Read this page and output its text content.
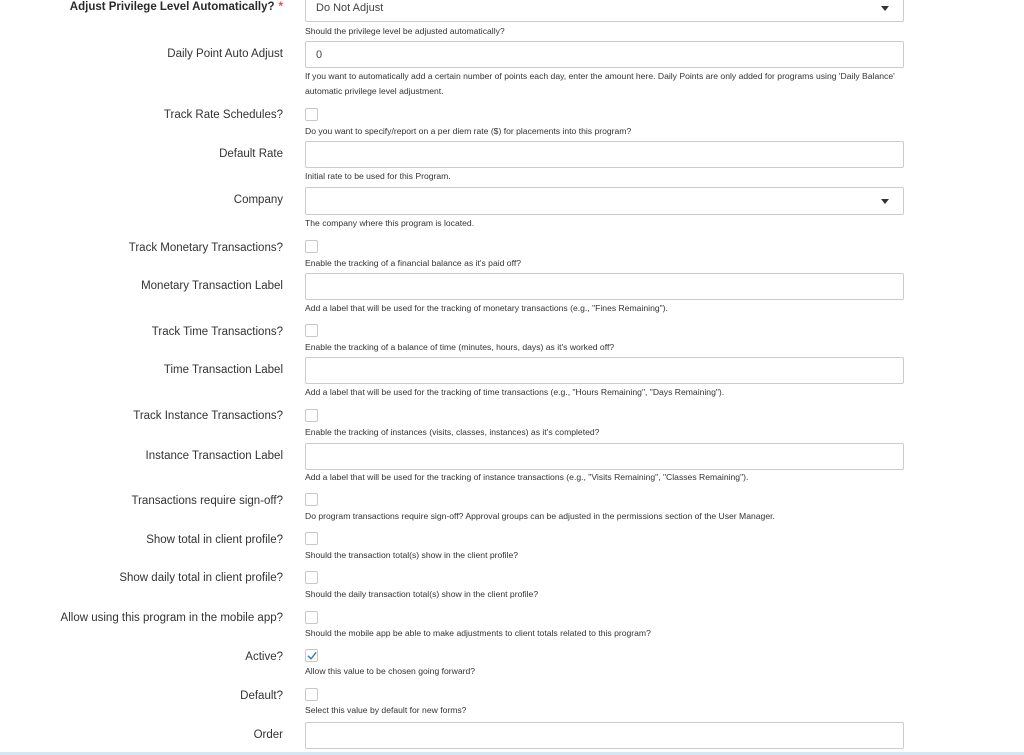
Adjust Privilege Level Automatically? *	Do Not Adjust
Should the privilege level be adjusted automatically?
Daily Point Auto Adjust	0
If you want to automatically add a certain number of points each day, enter the amount here. Daily Points are only added for programs using 'Daily Balance' automatic privilege level adjustment.
Track Rate Schedules?
Do you want to specify/report on a per diem rate ($) for placements into this program?
Default Rate
Initial rate to be used for this Program.
Company
The company where this program is located.
Track Monetary Transactions?
Enable the tracking of a financial balance as it's paid off?
Monetary Transaction Label
Add a label that will be used for the tracking of monetary transactions (e.g., "Fines Remaining").
Track Time Transactions?
Enable the tracking of a balance of time (minutes, hours, days) as it's worked off?
Time Transaction Label
Add a label that will be used for the tracking of time transactions (e.g., "Hours Remaining", "Days Remaining").
Track Instance Transactions?
Enable the tracking of instances (visits, classes, instances) as it's completed?
Instance Transaction Label
Add a label that will be used for the tracking of instance transactions (e.g., "Visits Remaining", "Classes Remaining").
Transactions require sign-off?
Do program transactions require sign-off? Approval groups can be adjusted in the permissions section of the User Manager.
Show total in client profile?
Should the transaction total(s) show in the client profile?
Show daily total in client profile?
Should the daily transaction total(s) show in the client profile?
Allow using this program in the mobile app?
Should the mobile app be able to make adjustments to client totals related to this program?
Active?
Allow this value to be chosen going forward?
Default?
Select this value by default for new forms?
Order
